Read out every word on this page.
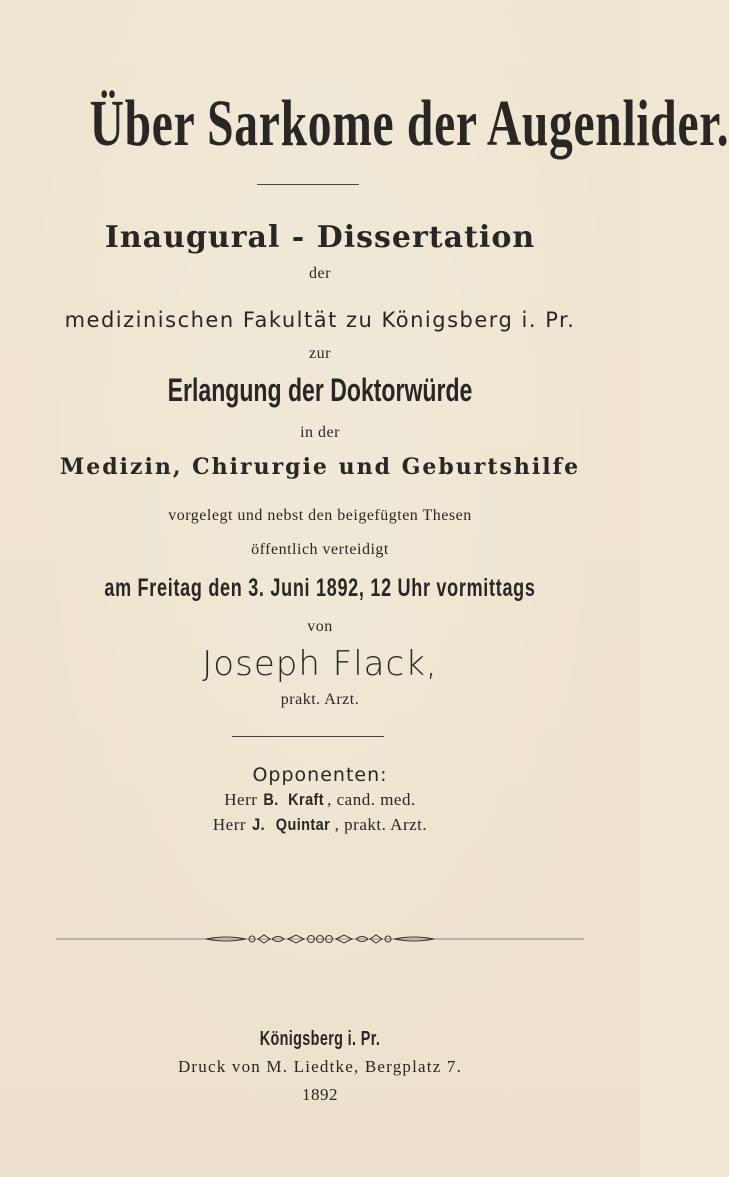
Über Sarkome der Augenlider.
Inaugural - Dissertation
der
medizinischen Fakultät zu Königsberg i. Pr.
zur
Erlangung der Doktorwürde
in der
Medizin, Chirurgie und Geburtshilfe
vorgelegt und nebst den beigefügten Thesen
öffentlich verteidigt
am Freitag den 3. Juni 1892, 12 Uhr vormittags
von
Joseph Flack,
prakt. Arzt.
Opponenten:
Herr B. Kraft , cand. med.
Herr J. Quintar , prakt. Arzt.
Königsberg i. Pr.
Druck von M. Liedtke, Bergplatz 7.
1892
